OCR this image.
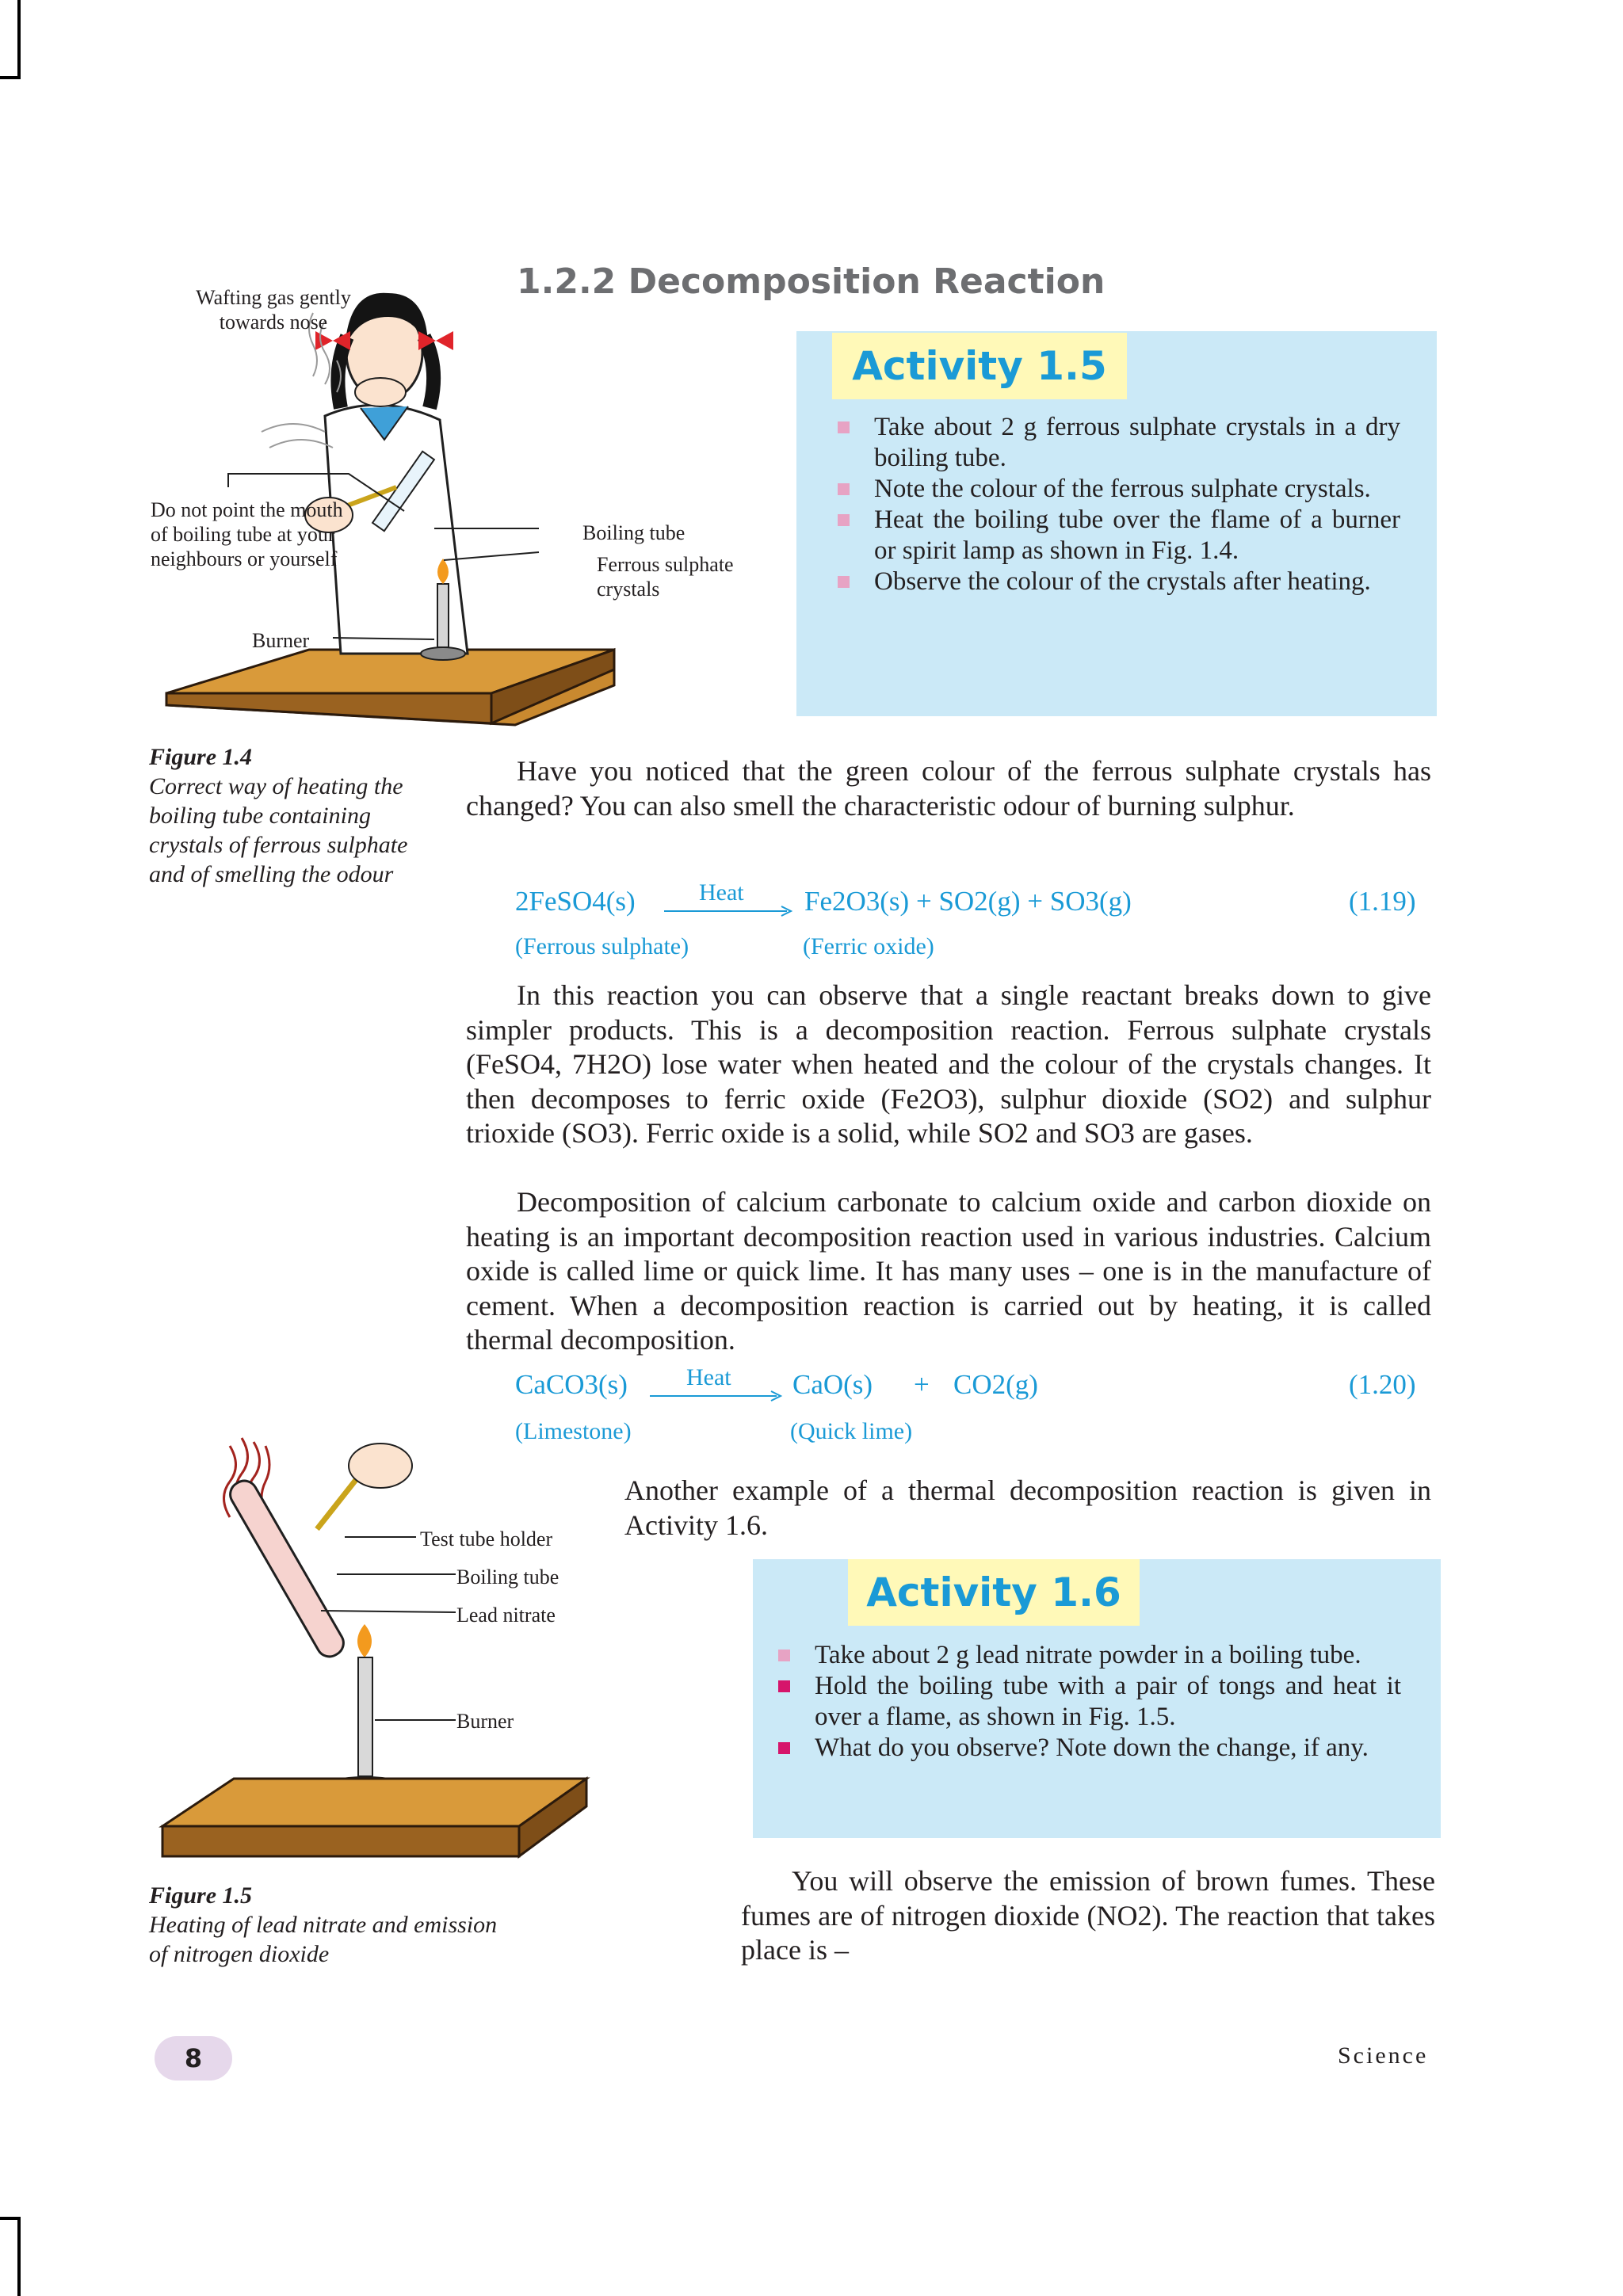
1.2.2 Decomposition Reaction
Wafting gas gently towards nose
Do not point the mouth of boiling tube at your neighbours or yourself
Boiling tube
Ferrous sulphate crystals
Burner
Activity 1.5
Take about 2 g ferrous sulphate crystals in a dry boiling tube.
Note the colour of the ferrous sulphate crystals.
Heat the boiling tube over the flame of a burner or spirit lamp as shown in Fig. 1.4.
Observe the colour of the crystals after heating.
Figure 1.4
Correct way of heating the boiling tube containing crystals of ferrous sulphate and of smelling the odour

Have you noticed that the green colour of the ferrous sulphate crystals has changed? You can also smell the characteristic odour of burning sulphur.

2FeSO4(s)	Heat Fe2O3(s) + SO2(g) + SO3(g)	(1.19)
(Ferrous sulphate)	(Ferric oxide)

In this reaction you can observe that a single reactant breaks down to give simpler products. This is a decomposition reaction. Ferrous sulphate crystals (FeSO4, 7H2O) lose water when heated and the colour of the crystals changes. It then decomposes to ferric oxide (Fe2O3), sulphur dioxide (SO2) and sulphur trioxide (SO3). Ferric oxide is a solid, while SO2 and SO3 are gases.

Decomposition of calcium carbonate to calcium oxide and carbon dioxide on heating is an important decomposition reaction used in various industries. Calcium oxide is called lime or quick lime. It has many uses – one is in the manufacture of cement. When a decomposition reaction is carried out by heating, it is called thermal decomposition.

CaCO3(s) Heat CaO(s) + CO2(g)	(1.20)
(Limestone)	(Quick lime)
Test tube holder
Boiling tube
Lead nitrate
Burner

Another example of a thermal decomposition reaction is given in Activity 1.6.

Activity 1.6
Take about 2 g lead nitrate powder in a boiling tube.
Hold the boiling tube with a pair of tongs and heat it over a flame, as shown in Fig. 1.5.
What do you observe? Note down the change, if any.
Figure 1.5
Heating of lead nitrate and emission of nitrogen dioxide

You will observe the emission of brown fumes. These fumes are of nitrogen dioxide (NO2). The reaction that takes place is –

8	Science
